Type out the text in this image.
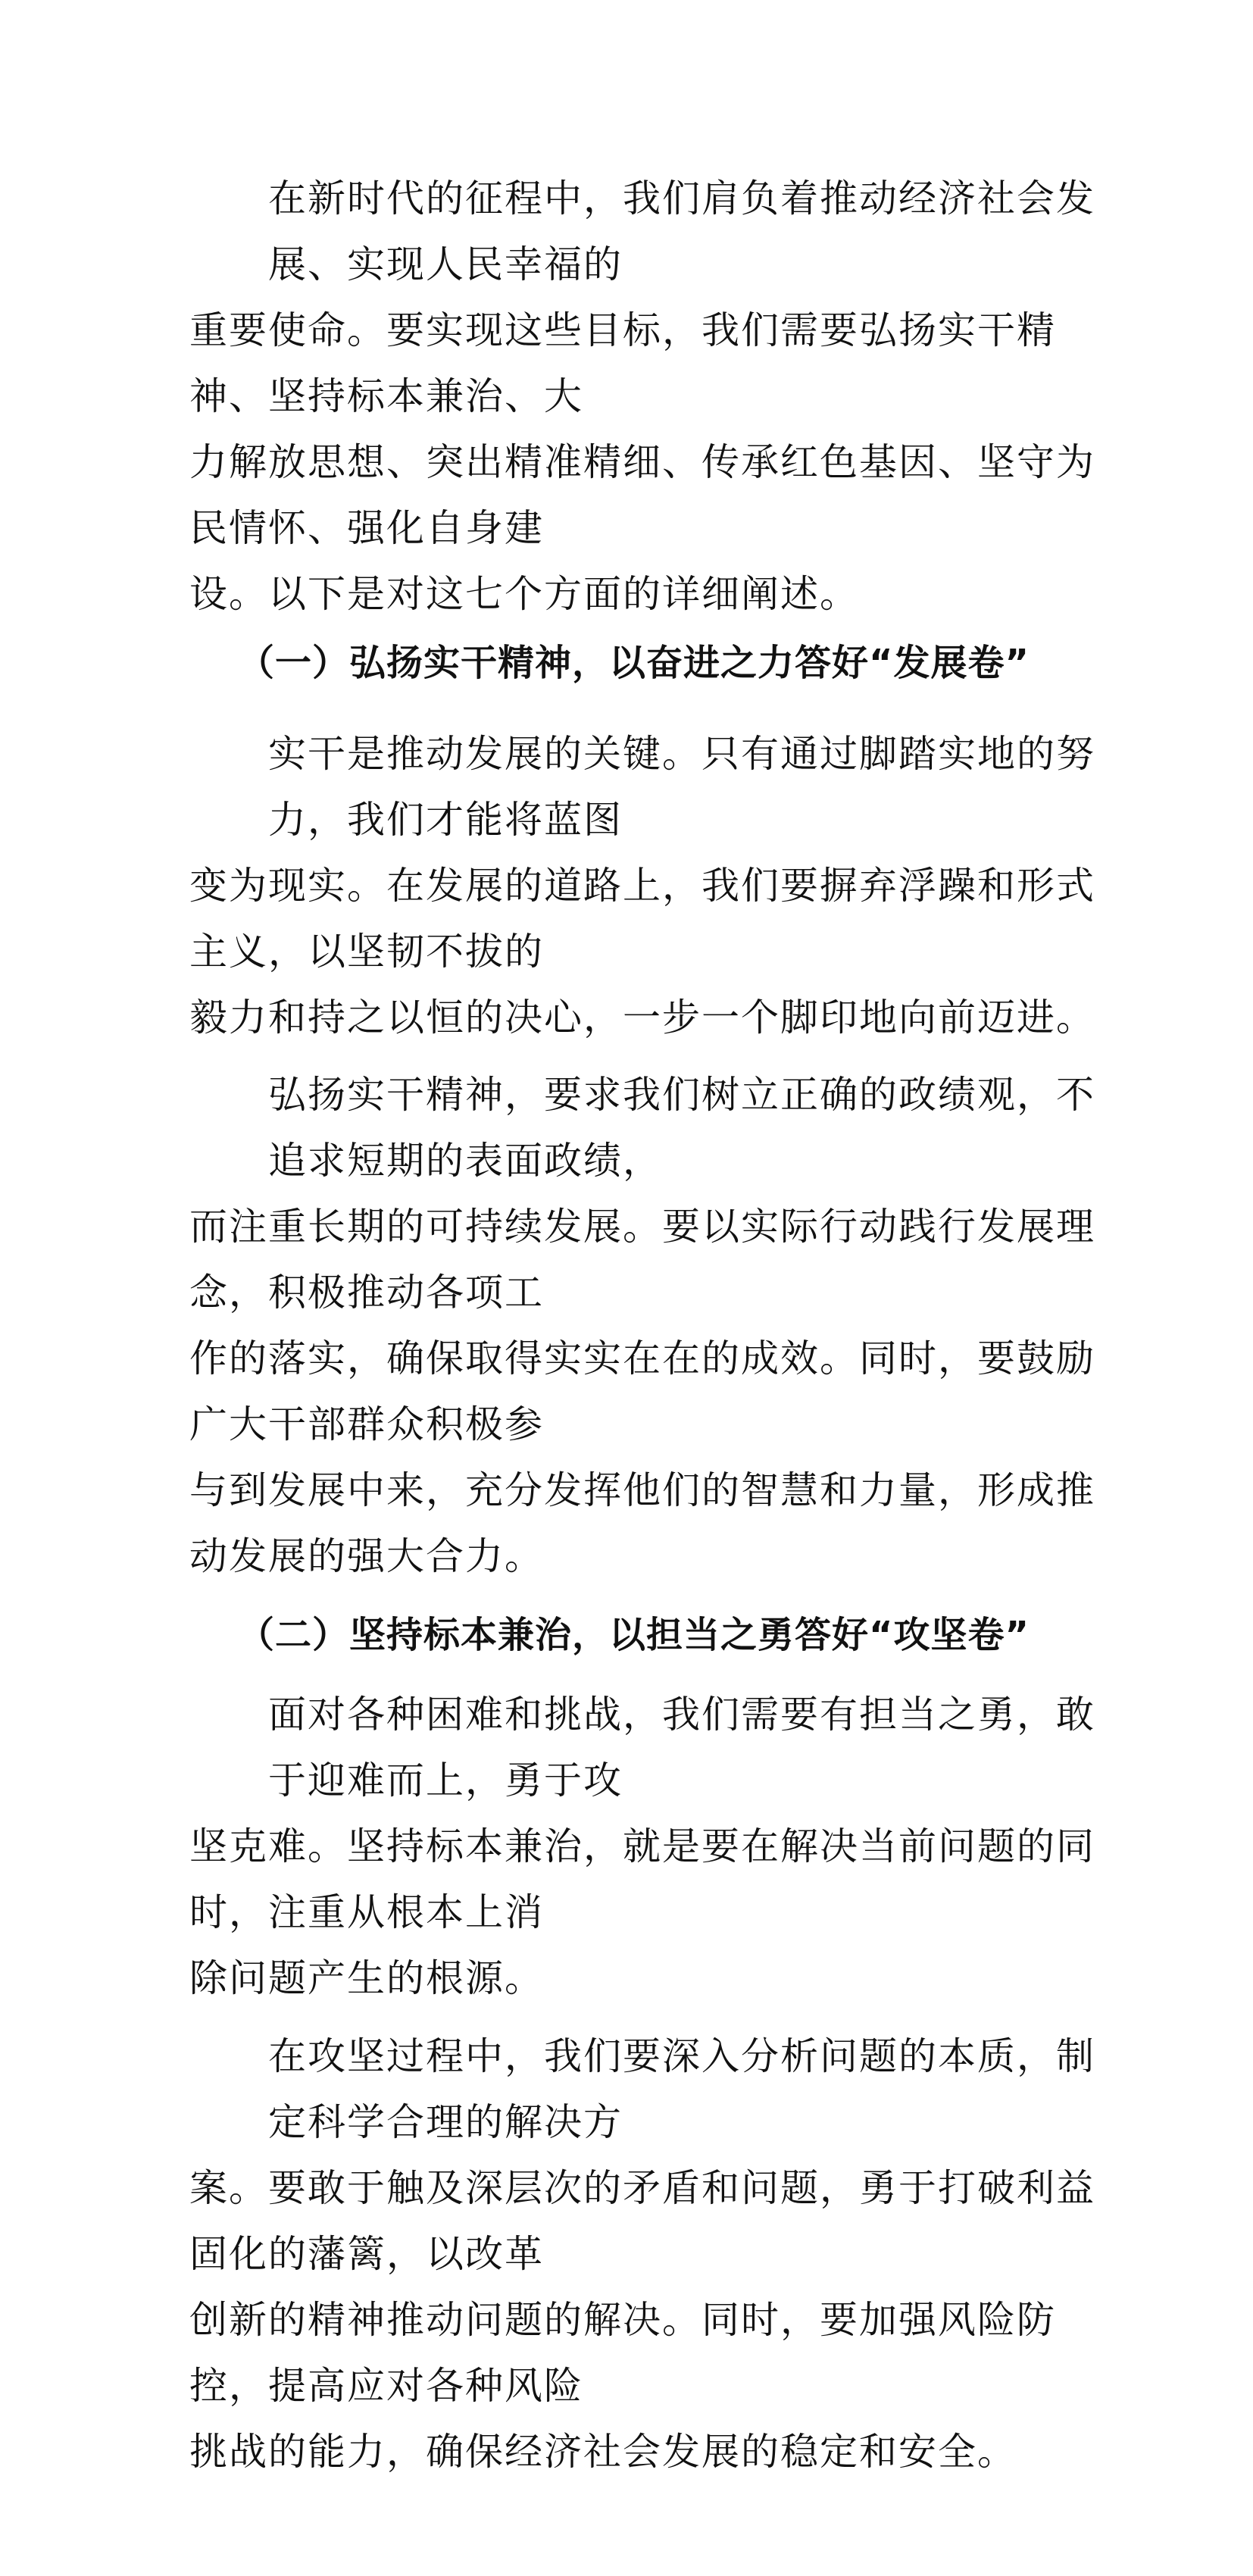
在新时代的征程中，我们肩负着推动经济社会发展、实现人民幸福的
重要使命。要实现这些目标，我们需要弘扬实干精神、坚持标本兼治、大
力解放思想、突出精准精细、传承红色基因、坚守为民情怀、强化自身建
设。以下是对这七个方面的详细阐述。
（一）弘扬实干精神，以奋进之力答好“发展卷”
实干是推动发展的关键。只有通过脚踏实地的努力，我们才能将蓝图
变为现实。在发展的道路上，我们要摒弃浮躁和形式主义，以坚韧不拔的
毅力和持之以恒的决心，一步一个脚印地向前迈进。
弘扬实干精神，要求我们树立正确的政绩观，不追求短期的表面政绩，
而注重长期的可持续发展。要以实际行动践行发展理念，积极推动各项工
作的落实，确保取得实实在在的成效。同时，要鼓励广大干部群众积极参
与到发展中来，充分发挥他们的智慧和力量，形成推动发展的强大合力。
（二）坚持标本兼治，以担当之勇答好“攻坚卷”
面对各种困难和挑战，我们需要有担当之勇，敢于迎难而上，勇于攻
坚克难。坚持标本兼治，就是要在解决当前问题的同时，注重从根本上消
除问题产生的根源。
在攻坚过程中，我们要深入分析问题的本质，制定科学合理的解决方
案。要敢于触及深层次的矛盾和问题，勇于打破利益固化的藩篱，以改革
创新的精神推动问题的解决。同时，要加强风险防控，提高应对各种风险
挑战的能力，确保经济社会发展的稳定和安全。
